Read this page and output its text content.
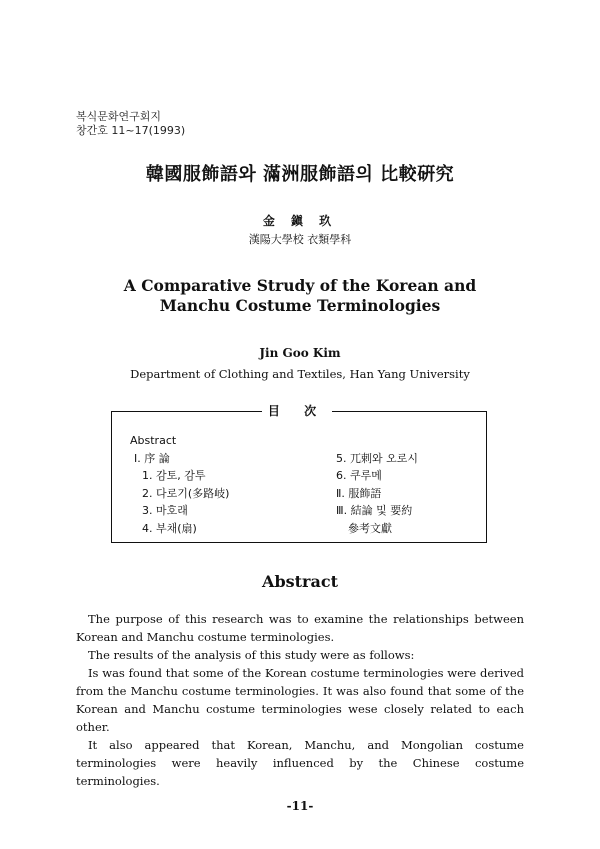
복식문화연구회지
창간호 11~17(1993)
韓國服飾語와 滿洲服飾語의 比較硏究
金 鎭 玖
漢陽大學校 衣類學科
A Comparative Strudy of the Korean and
Manchu Costume Terminologies
Jin Goo Kim
Department of Clothing and Textiles, Han Yang University
目 次
Abstract
Ⅰ. 序 論
1. 감토, 감투
2. 다로기(多路岐)
3. 마호래
4. 부채(扇)
5. 兀剌와 오로시
6. 쿠루메
Ⅱ. 服飾語
Ⅲ. 結論 및 要約
參考文獻
Abstract

The purpose of this research was to examine the relationships between Korean and Manchu costume terminologies.

The results of the analysis of this study were as follows:

Is was found that some of the Korean costume terminologies were derived from the Manchu costume terminologies. It was also found that some of the Korean and Manchu costume terminologies wese closely related to each other.

It also appeared that Korean, Manchu, and Mongolian costume terminologies were heavily influenced by the Chinese costume terminologies.

-11-
